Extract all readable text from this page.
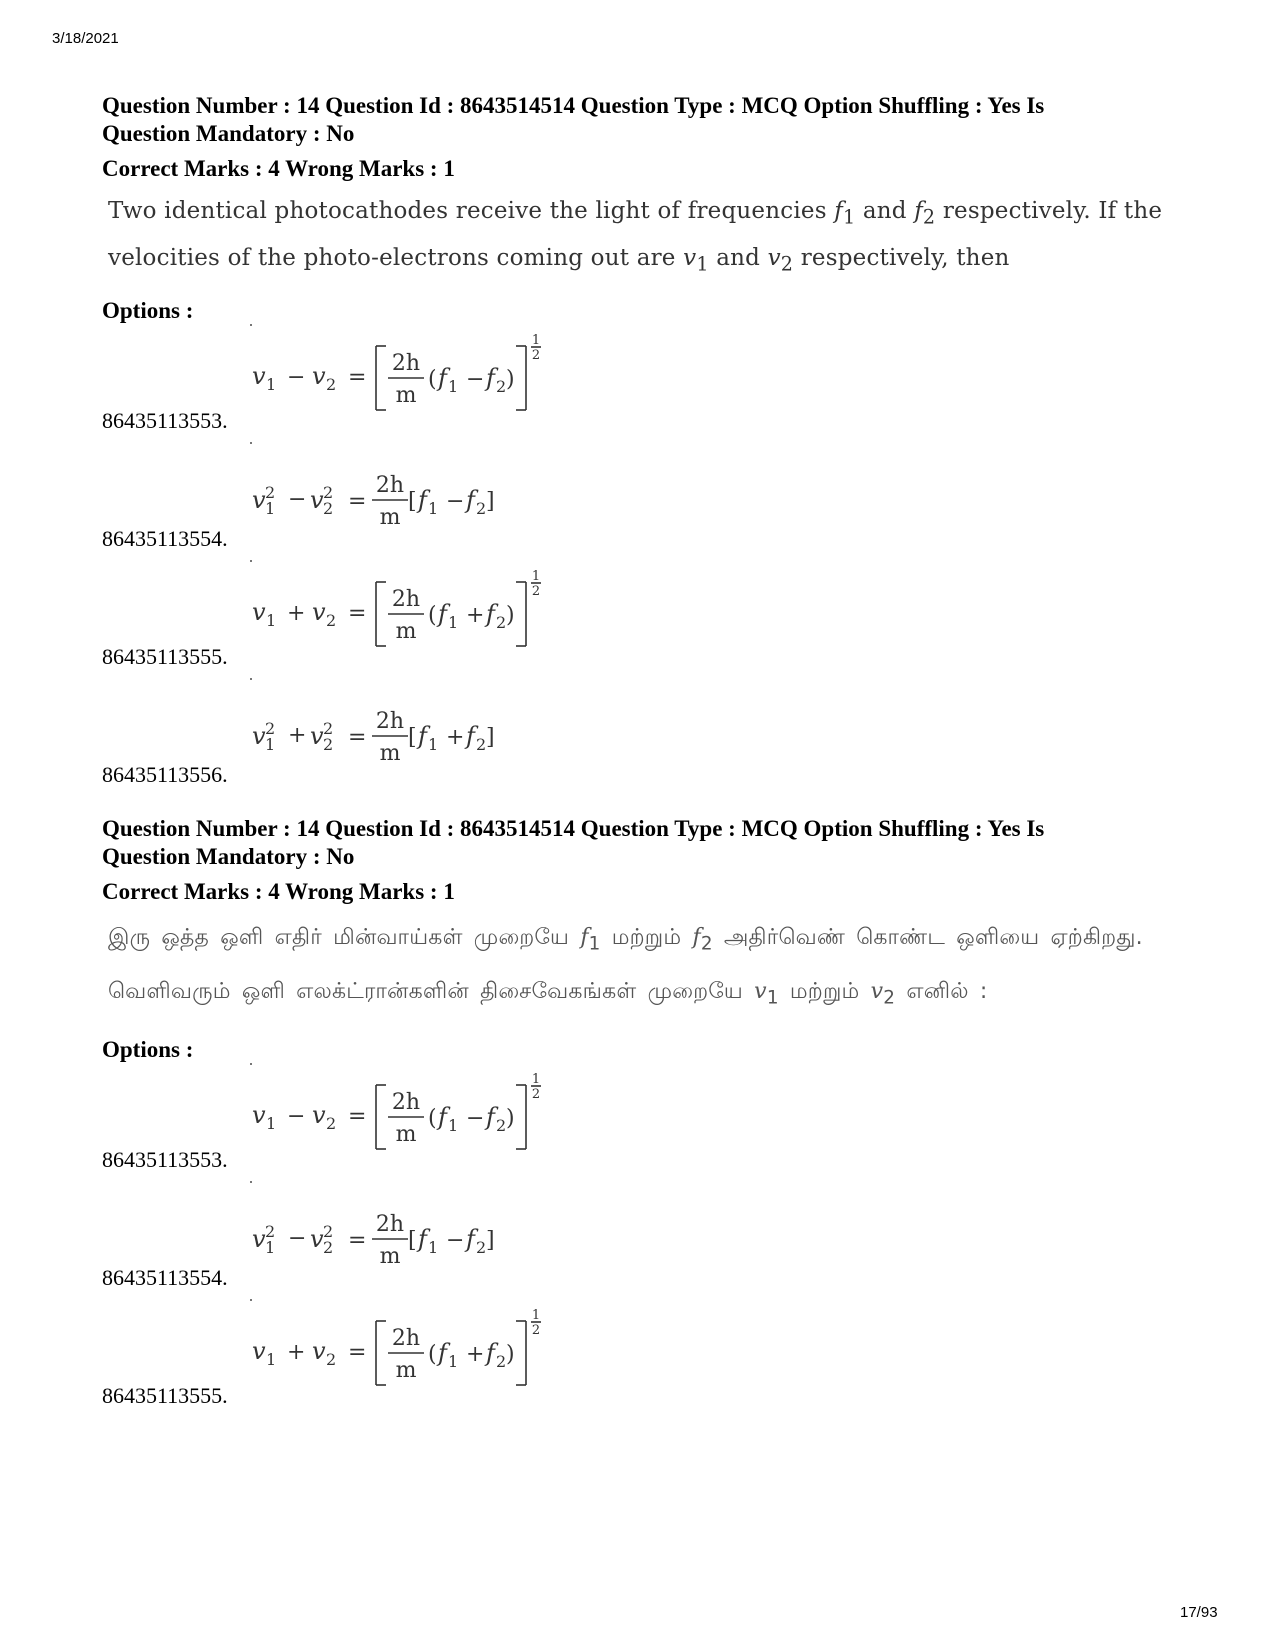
3/18/2021

Question Number : 14 Question Id : 8643514514 Question Type : MCQ Option Shuffling : Yes Is

Question Mandatory : No

Correct Marks : 4 Wrong Marks : 1
Two identical photocathodes receive the light of frequencies $f_1$ and $f_2$ respectively. If the velocities of the photo-electrons coming out are $v_1$ and $v_2$ respectively, then
Options :
v 1 − v 2 =
2h
m
( f 1 − f 2 )
1
2
86435113553.
v 2
1 − v 2
2 =
2h
m
[ f 1 − f 2 ]
86435113554.
v 1 + v 2 =
2h
m
( f 1 + f 2 )
1
2
86435113555.
v 2
1 + v 2
2 =
2h
m
[ f 1 + f 2 ]
86435113556.

Question Number : 14 Question Id : 8643514514 Question Type : MCQ Option Shuffling : Yes Is

Question Mandatory : No

Correct Marks : 4 Wrong Marks : 1
இரு ஒத்த ஒளி எதிர் மின்வாய்கள் முறையே $f_1$ மற்றும் $f_2$ அதிர்வெண் கொண்ட ஒளியை ஏற்கிறது. வெளிவரும் ஒளி எலக்ட்ரான்களின் திசைவேகங்கள் முறையே $v_1$ மற்றும் $v_2$ எனில் :
Options :
v 1 − v 2 =
2h
m
( f 1 − f 2 )
1
2
86435113553.
v 2
1 − v 2
2 =
2h
m
[ f 1 − f 2 ]
86435113554.
v 1 + v 2 =
2h
m
( f 1 + f 2 )
1
2
86435113555.
17/93
